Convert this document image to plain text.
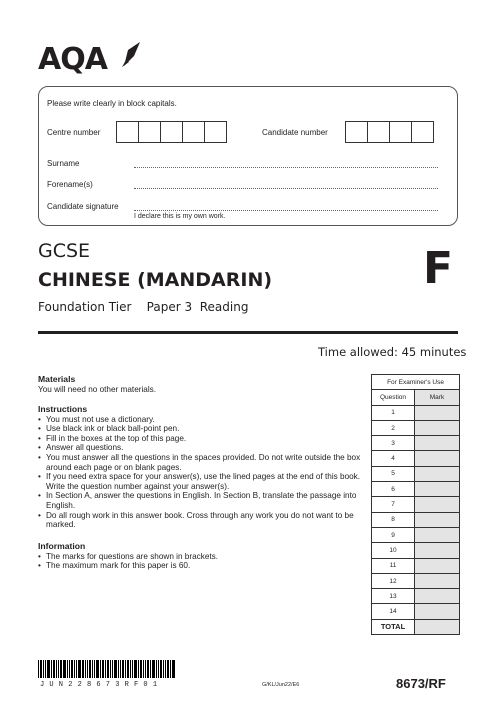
AQA
Please write clearly in block capitals.
Centre number	Candidate number
Surname
Forename(s)
Candidate signature
I declare this is my own work.
GCSE
CHINESE (MANDARIN)
Foundation Tier    Paper 3  Reading
F
Time allowed: 45 minutes
Materials
You will need no other materials.
Instructions
• You must not use a dictionary.
• Use black ink or black ball-point pen.
• Fill in the boxes at the top of this page.
• Answer all questions.
• You must answer all the questions in the spaces provided. Do not write outside the box around each page or on blank pages.
• If you need extra space for your answer(s), use the lined pages at the end of this book. Write the question number against your answer(s).
• In Section A, answer the questions in English. In Section B, translate the passage into English.
• Do all rough work in this answer book. Cross through any work you do not want to be marked.
Information
• The marks for questions are shown in brackets.
• The maximum mark for this paper is 60.
For Examiner's Use	
Question	Mark
1	
2	
3	
4	
5	
6	
7	
8	
9	
10	
11	
12	
13	
14	
TOTAL	
J U N 2 2 8 6 7 3 R F 0 1	G/KL/Jun22/E6	8673/RF
